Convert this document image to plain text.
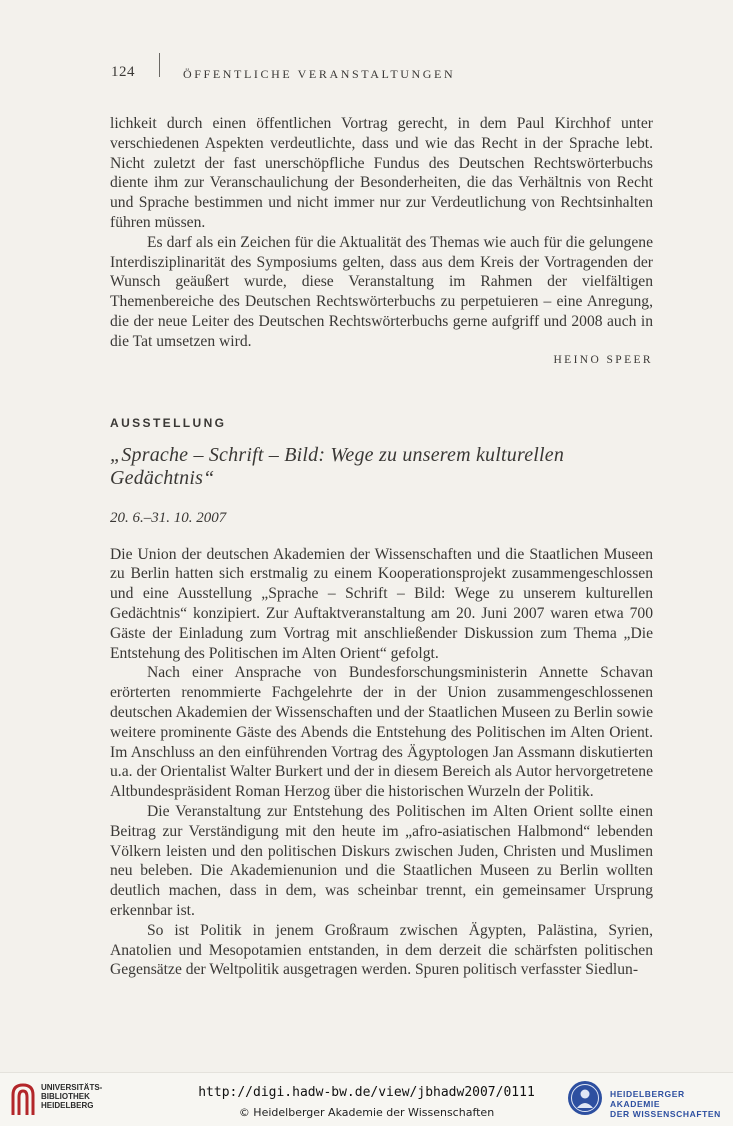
124	ÖFFENTLICHE VERANSTALTUNGEN

lichkeit durch einen öffentlichen Vortrag gerecht, in dem Paul Kirchhof unter verschiedenen Aspekten verdeutlichte, dass und wie das Recht in der Sprache lebt. Nicht zuletzt der fast unerschöpfliche Fundus des Deutschen Rechtswörterbuchs diente ihm zur Veranschaulichung der Besonderheiten, die das Verhältnis von Recht und Sprache bestimmen und nicht immer nur zur Verdeutlichung von Rechtsinhalten führen müssen.

Es darf als ein Zeichen für die Aktualität des Themas wie auch für die gelungene Interdisziplinarität des Symposiums gelten, dass aus dem Kreis der Vortragenden der Wunsch geäußert wurde, diese Veranstaltung im Rahmen der vielfältigen Themenbereiche des Deutschen Rechtswörterbuchs zu perpetuieren – eine Anregung, die der neue Leiter des Deutschen Rechtswörterbuchs gerne aufgriff und 2008 auch in die Tat umsetzen wird.

HEINO SPEER

AUSSTELLUNG

„Sprache – Schrift – Bild: Wege zu unserem kulturellen Gedächtnis“

20. 6.–31. 10. 2007

Die Union der deutschen Akademien der Wissenschaften und die Staatlichen Museen zu Berlin hatten sich erstmalig zu einem Kooperationsprojekt zusammengeschlossen und eine Ausstellung „Sprache – Schrift – Bild: Wege zu unserem kulturellen Gedächtnis“ konzipiert. Zur Auftaktveranstaltung am 20. Juni 2007 waren etwa 700 Gäste der Einladung zum Vortrag mit anschließender Diskussion zum Thema „Die Entstehung des Politischen im Alten Orient“ gefolgt.

Nach einer Ansprache von Bundesforschungsministerin Annette Schavan erörterten renommierte Fachgelehrte der in der Union zusammengeschlossenen deutschen Akademien der Wissenschaften und der Staatlichen Museen zu Berlin sowie weitere prominente Gäste des Abends die Entstehung des Politischen im Alten Orient. Im Anschluss an den einführenden Vortrag des Ägyptologen Jan Assmann diskutierten u.a. der Orientalist Walter Burkert und der in diesem Bereich als Autor hervorgetretene Altbundespräsident Roman Herzog über die historischen Wurzeln der Politik.

Die Veranstaltung zur Entstehung des Politischen im Alten Orient sollte einen Beitrag zur Verständigung mit den heute im „afro-asiatischen Halbmond“ lebenden Völkern leisten und den politischen Diskurs zwischen Juden, Christen und Muslimen neu beleben. Die Akademienunion und die Staatlichen Museen zu Berlin wollten deutlich machen, dass in dem, was scheinbar trennt, ein gemeinsamer Ursprung erkennbar ist.

So ist Politik in jenem Großraum zwischen Ägypten, Palästina, Syrien, Anatolien und Mesopotamien entstanden, in dem derzeit die schärfsten politischen Gegensätze der Weltpolitik ausgetragen werden. Spuren politisch verfasster Siedlun-

UNIVERSITÄTS-
BIBLIOTHEK
HEIDELBERG
http://digi.hadw-bw.de/view/jbhadw2007/0111
© Heidelberger Akademie der Wissenschaften
HEIDELBERGER AKADEMIE
DER WISSENSCHAFTEN
